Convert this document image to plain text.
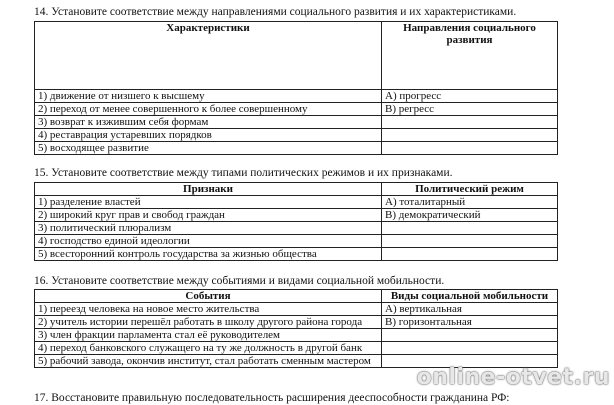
14. Установите соответствие между направлениями социального развития и их характеристиками.
Характеристики	Направления социального развития
1) движение от низшего к высшему	А) прогресс
2) переход от менее совершенного к более совершенному	В) регресс
3) возврат к изжившим себя формам	
4) реставрация устаревших порядков	
5) восходящее развитие	
15. Установите соответствие между типами политических режимов и их признаками.
Признаки	Политический режим
1) разделение властей	А) тоталитарный
2) широкий круг прав и свобод граждан	В) демократический
3) политический плюрализм	
4) господство единой идеологии	
5) всесторонний контроль государства за жизнью общества	
16. Установите соответствие между событиями и видами социальной мобильности.
События	Виды социальной мобильности
1) переезд человека на новое место жительства	А) вертикальная
2) учитель истории перешёл работать в школу другого района города	В) горизонтальная
3) член фракции парламента стал её руководителем	
4) переход банковского служащего на ту же должность в другой банк	
5) рабочий завода, окончив институт, стал работать сменным мастером	
17. Восстановите правильную последовательность расширения дееспособности гражданина РФ:
online-otvet.ru
